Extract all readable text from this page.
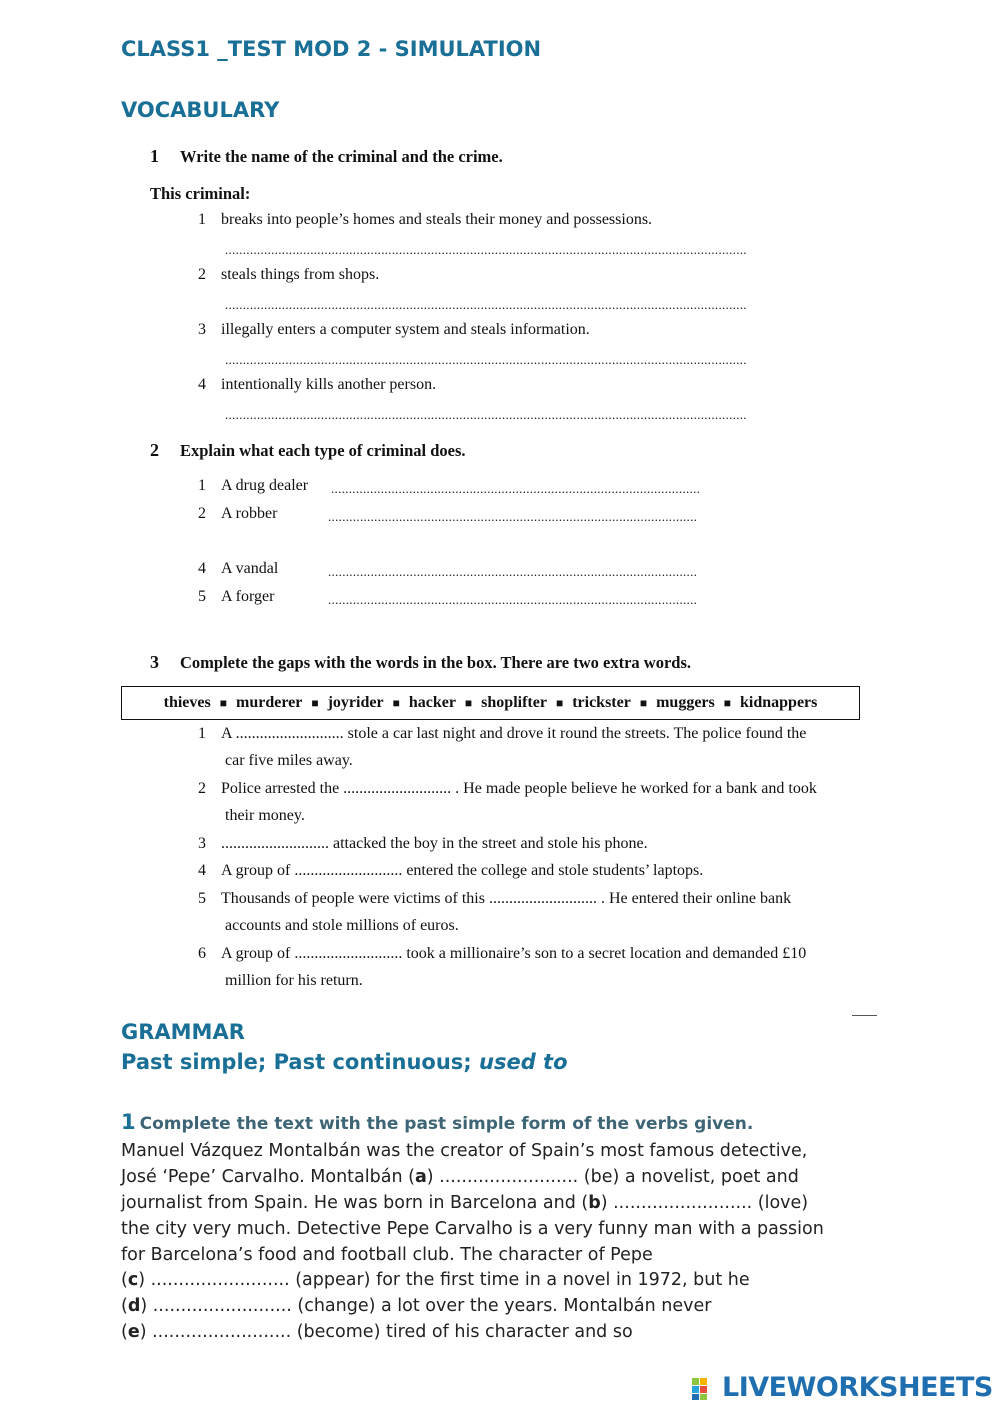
CLASS1 _TEST MOD 2 - SIMULATION
VOCABULARY
1 Write the name of the criminal and the crime.
This criminal:
1 breaks into people’s homes and steals their money and possessions.
...................................................................................................................................................
2 steals things from shops.
...................................................................................................................................................
3 illegally enters a computer system and steals information.
...................................................................................................................................................
4 intentionally kills another person.
...................................................................................................................................................
2 Explain what each type of criminal does.
1 A drug dealer ........................................................................................................
2 A robber	........................................................................................................
4 A vandal	........................................................................................................
5 A forger	........................................................................................................
3 Complete the gaps with the words in the box. There are two extra words.
thieves ■ murderer ■ joyrider ■ hacker ■ shoplifter ■ trickster ■ muggers ■ kidnappers
1 A ........................... stole a car last night and drove it round the streets. The police found the
car five miles away.
2 Police arrested the ........................... . He made people believe he worked for a bank and took
their money.
3 ........................... attacked the boy in the street and stole his phone.
4 A group of ........................... entered the college and stole students’ laptops.
5 Thousands of people were victims of this ........................... . He entered their online bank
accounts and stole millions of euros.
6 A group of ........................... took a millionaire’s son to a secret location and demanded £10
million for his return.
GRAMMAR
Past simple; Past continuous; used to
1 Complete the text with the past simple form of the verbs given.
Manuel Vázquez Montalbán was the creator of Spain’s most famous detective,
José ‘Pepe’ Carvalho. Montalbán (a) ......................... (be) a novelist, poet and
journalist from Spain. He was born in Barcelona and (b) ......................... (love)
the city very much. Detective Pepe Carvalho is a very funny man with a passion
for Barcelona’s food and football club. The character of Pepe
(c) ......................... (appear) for the first time in a novel in 1972, but he
(d) ......................... (change) a lot over the years. Montalbán never
(e) ......................... (become) tired of his character and so
LIVEWORKSHEETS
